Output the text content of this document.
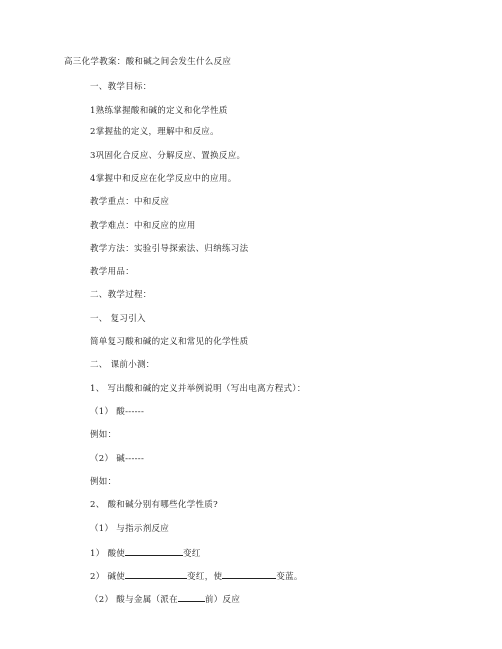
高三化学教案：酸和碱之间会发生什么反应
一、教学目标：
1熟练掌握酸和碱的定义和化学性质
2掌握盐的定义，理解中和反应。
3巩固化合反应、分解反应、置换反应。
4掌握中和反应在化学反应中的应用。
教学重点：中和反应
教学难点：中和反应的应用
教学方法：实验引导探索法、归纳练习法
教学用品：
二、教学过程：
一、 复习引入
简单复习酸和碱的定义和常见的化学性质
二、 课前小测：
1、 写出酸和碱的定义并举例说明（写出电离方程式）：
（1） 酸------
例如：
（2） 碱------
例如：
2、 酸和碱分别有哪些化学性质?
（1） 与指示剂反应
1） 酸使	变红
2） 碱使	变红，使	变蓝。
（2） 酸与金属（派在	前）反应
